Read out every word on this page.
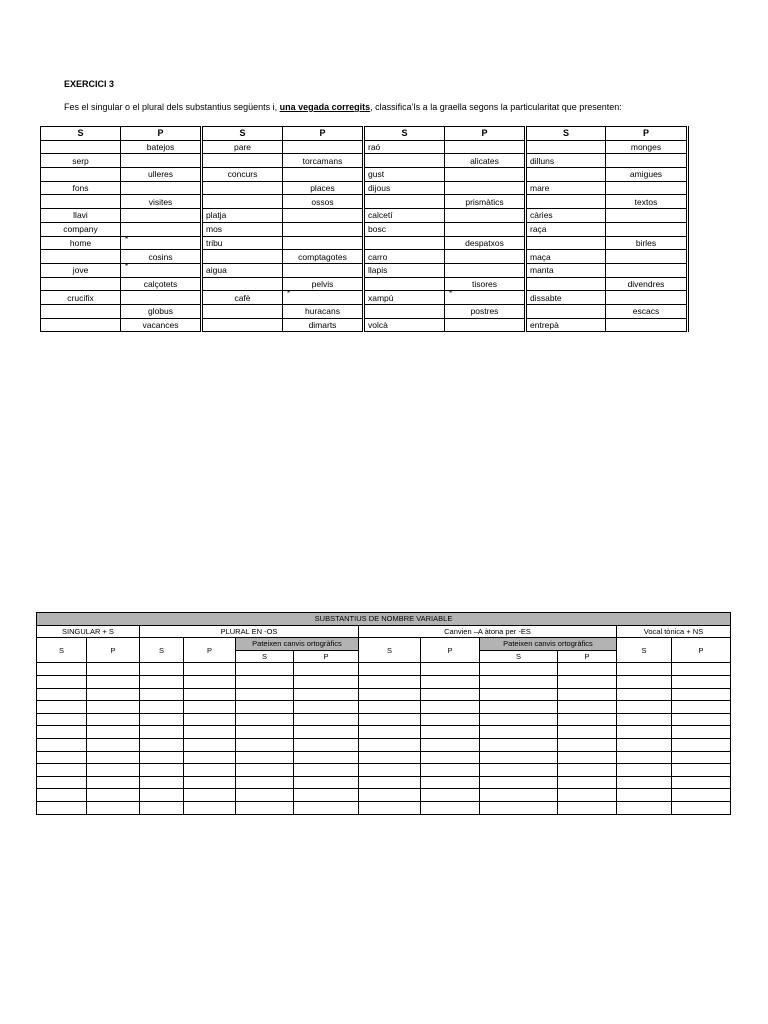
EXERCICI 3
Fes el singular o el plural dels substantius següents i, una vegada corregits, classifica’ls a la graella segons la particularitat que presenten:
S	P	S	P	S	P	S	P
	batejos	pare		raó			monges
serp			torcamans		alicates	dilluns	
	ulleres	concurs		gust			amigues
fons			places	dijous		mare	
	visites		ossos		prismàtics		textos
llavi		platja		calcetí		càries	
company		mos		bosc		raça	
home	*	tribu			despatxos		birles
	cosins		comptagotes	carro		maça	
jove	*	aigua		llapis		manta	
	calçotets		pelvis		tisores		divendres
crucifix		cafè	*	xampú	*	dissabte	
	globus		huracans		postres		escacs
	vacances		dimarts	volcà		entrepà	
SUBSTANTIUS DE NOMBRE VARIABLE											
SINGULAR + S		PLURAL EN -OS				Canvien –A àtona per -ES				Vocal tònica + NS	
S	P	S	P	Pateixen canvis ortogràfics		S	P	Pateixen canvis ortogràfics		S	P
				S	P			S	P		
